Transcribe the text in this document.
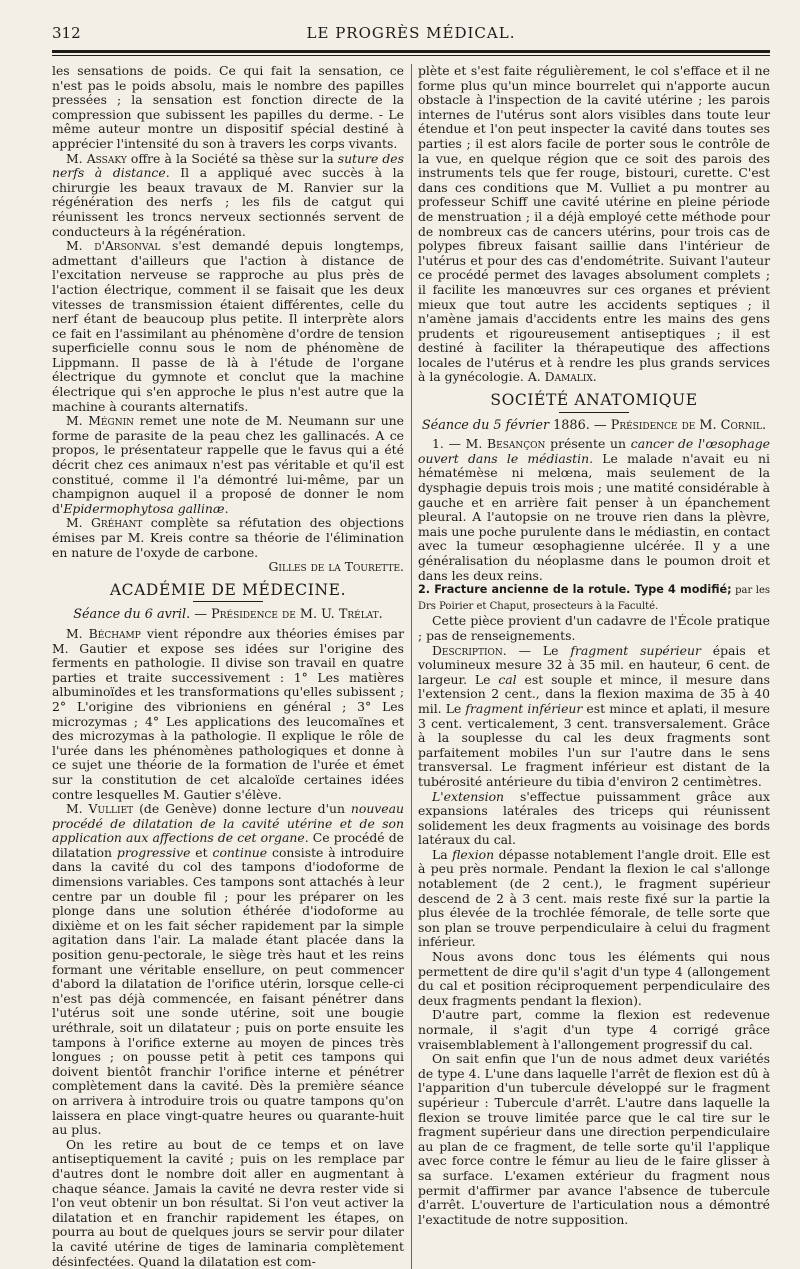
312	LE PROGRÈS MÉDICAL.

les sensations de poids. Ce qui fait la sensation, ce n'est pas le poids absolu, mais le nombre des papilles pressées ; la sensation est fonction directe de la compression que subissent les papilles du derme. - Le même auteur montre un dispositif spécial destiné à apprécier l'intensité du son à travers les corps vivants.

M. Assaky offre à la Société sa thèse sur la suture des nerfs à distance. Il a appliqué avec succès à la chirurgie les beaux travaux de M. Ranvier sur la régénération des nerfs ; les fils de catgut qui réunissent les troncs nerveux sectionnés servent de conducteurs à la régénération.

M. d'Arsonval s'est demandé depuis longtemps, admettant d'ailleurs que l'action à distance de l'excitation nerveuse se rapproche au plus près de l'action électrique, comment il se faisait que les deux vitesses de transmission étaient différentes, celle du nerf étant de beaucoup plus petite. Il interprète alors ce fait en l'assimilant au phénomène d'ordre de tension superficielle connu sous le nom de phénomène de Lippmann. Il passe de là à l'étude de l'organe électrique du gymnote et conclut que la machine électrique qui s'en approche le plus n'est autre que la machine à courants alternatifs.

M. Mégnin remet une note de M. Neumann sur une forme de parasite de la peau chez les gallinacés. A ce propos, le présentateur rappelle que le favus qui a été décrit chez ces animaux n'est pas véritable et qu'il est constitué, comme il l'a démontré lui-même, par un champignon auquel il a proposé de donner le nom d'Epidermophytosa gallinæ.

M. Gréhant complète sa réfutation des objections émises par M. Kreis contre sa théorie de l'élimination en nature de l'oxyde de carbone.

Gilles de la Tourette.
ACADÉMIE DE MÉDECINE.
Séance du 6 avril. — Présidence de M. U. Trélat.

M. Béchamp vient répondre aux théories émises par M. Gautier et expose ses idées sur l'origine des ferments en pathologie. Il divise son travail en quatre parties et traite successivement : 1° Les matières albuminoïdes et les transformations qu'elles subissent ; 2° L'origine des vibrioniens en général ; 3° Les microzymas ; 4° Les applications des leucomaïnes et des microzymas à la pathologie. Il explique le rôle de l'urée dans les phénomènes pathologiques et donne à ce sujet une théorie de la formation de l'urée et émet sur la constitution de cet alcaloïde certaines idées contre lesquelles M. Gautier s'élève.

M. Vulliet (de Genève) donne lecture d'un nouveau procédé de dilatation de la cavité utérine et de son application aux affections de cet organe. Ce procédé de dilatation progressive et continue consiste à introduire dans la cavité du col des tampons d'iodoforme de dimensions variables. Ces tampons sont attachés à leur centre par un double fil ; pour les préparer on les plonge dans une solution éthérée d'iodoforme au dixième et on les fait sécher rapidement par la simple agitation dans l'air. La malade étant placée dans la position genu-pectorale, le siège très haut et les reins formant une véritable ensellure, on peut commencer d'abord la dilatation de l'orifice utérin, lorsque celle-ci n'est pas déjà commencée, en faisant pénétrer dans l'utérus soit une sonde utérine, soit une bougie uréthrale, soit un dilatateur ; puis on porte ensuite les tampons à l'orifice externe au moyen de pinces très longues ; on pousse petit à petit ces tampons qui doivent bientôt franchir l'orifice interne et pénétrer complètement dans la cavité. Dès la première séance on arrivera à introduire trois ou quatre tampons qu'on laissera en place vingt-quatre heures ou quarante-huit au plus.

On les retire au bout de ce temps et on lave antiseptiquement la cavité ; puis on les remplace par d'autres dont le nombre doit aller en augmentant à chaque séance. Jamais la cavité ne devra rester vide si l'on veut obtenir un bon résultat. Si l'on veut activer la dilatation et en franchir rapidement les étapes, on pourra au bout de quelques jours se servir pour dilater la cavité utérine de tiges de laminaria complètement désinfectées. Quand la dilatation est com-

plète et s'est faite régulièrement, le col s'efface et il ne forme plus qu'un mince bourrelet qui n'apporte aucun obstacle à l'inspection de la cavité utérine ; les parois internes de l'utérus sont alors visibles dans toute leur étendue et l'on peut inspecter la cavité dans toutes ses parties ; il est alors facile de porter sous le contrôle de la vue, en quelque région que ce soit des parois des instruments tels que fer rouge, bistouri, curette. C'est dans ces conditions que M. Vulliet a pu montrer au professeur Schiff une cavité utérine en pleine période de menstruation ; il a déjà employé cette méthode pour de nombreux cas de cancers utérins, pour trois cas de polypes fibreux faisant saillie dans l'intérieur de l'utérus et pour des cas d'endométrite. Suivant l'auteur ce procédé permet des lavages absolument complets ; il facilite les manœuvres sur ces organes et prévient mieux que tout autre les accidents septiques ; il n'amène jamais d'accidents entre les mains des gens prudents et rigoureusement antiseptiques ; il est destiné à faciliter la thérapeutique des affections locales de l'utérus et à rendre les plus grands services à la gynécologie. A. Damalix.

SOCIÉTÉ ANATOMIQUE
Séance du 5 février 1886. — Présidence de M. Cornil.

1. — M. Besançon présente un cancer de l'œsophage ouvert dans le médiastin. Le malade n'avait eu ni hématémèse ni melœna, mais seulement de la dysphagie depuis trois mois ; une matité considérable à gauche et en arrière fait penser à un épanchement pleural. A l'autopsie on ne trouve rien dans la plèvre, mais une poche purulente dans le médiastin, en contact avec la tumeur œsophagienne ulcérée. Il y a une généralisation du néoplasme dans le poumon droit et dans les deux reins.

2. Fracture ancienne de la rotule. Type 4 modifié; par les Drs Poirier et Chaput, prosecteurs à la Faculté.

Cette pièce provient d'un cadavre de l'École pratique ; pas de renseignements.

Description. — Le fragment supérieur épais et volumineux mesure 32 à 35 mil. en hauteur, 6 cent. de largeur. Le cal est souple et mince, il mesure dans l'extension 2 cent., dans la flexion maxima de 35 à 40 mil. Le fragment inférieur est mince et aplati, il mesure 3 cent. verticalement, 3 cent. transversalement. Grâce à la souplesse du cal les deux fragments sont parfaitement mobiles l'un sur l'autre dans le sens transversal. Le fragment inférieur est distant de la tubérosité antérieure du tibia d'environ 2 centimètres.

L'extension s'effectue puissamment grâce aux expansions latérales des triceps qui réunissent solidement les deux fragments au voisinage des bords latéraux du cal.

La flexion dépasse notablement l'angle droit. Elle est à peu près normale. Pendant la flexion le cal s'allonge notablement (de 2 cent.), le fragment supérieur descend de 2 à 3 cent. mais reste fixé sur la partie la plus élevée de la trochlée fémorale, de telle sorte que son plan se trouve perpendiculaire à celui du fragment inférieur.

Nous avons donc tous les éléments qui nous permettent de dire qu'il s'agit d'un type 4 (allongement du cal et position réciproquement perpendiculaire des deux fragments pendant la flexion).

D'autre part, comme la flexion est redevenue normale, il s'agit d'un type 4 corrigé grâce vraisemblablement à l'allongement progressif du cal.

On sait enfin que l'un de nous admet deux variétés de type 4. L'une dans laquelle l'arrêt de flexion est dû à l'apparition d'un tubercule développé sur le fragment supérieur : Tubercule d'arrêt. L'autre dans laquelle la flexion se trouve limitée parce que le cal tire sur le fragment supérieur dans une direction perpendiculaire au plan de ce fragment, de telle sorte qu'il l'applique avec force contre le fémur au lieu de le faire glisser à sa surface. L'examen extérieur du fragment nous permit d'affirmer par avance l'absence de tubercule d'arrêt. L'ouverture de l'articulation nous a démontré l'exactitude de notre supposition.
